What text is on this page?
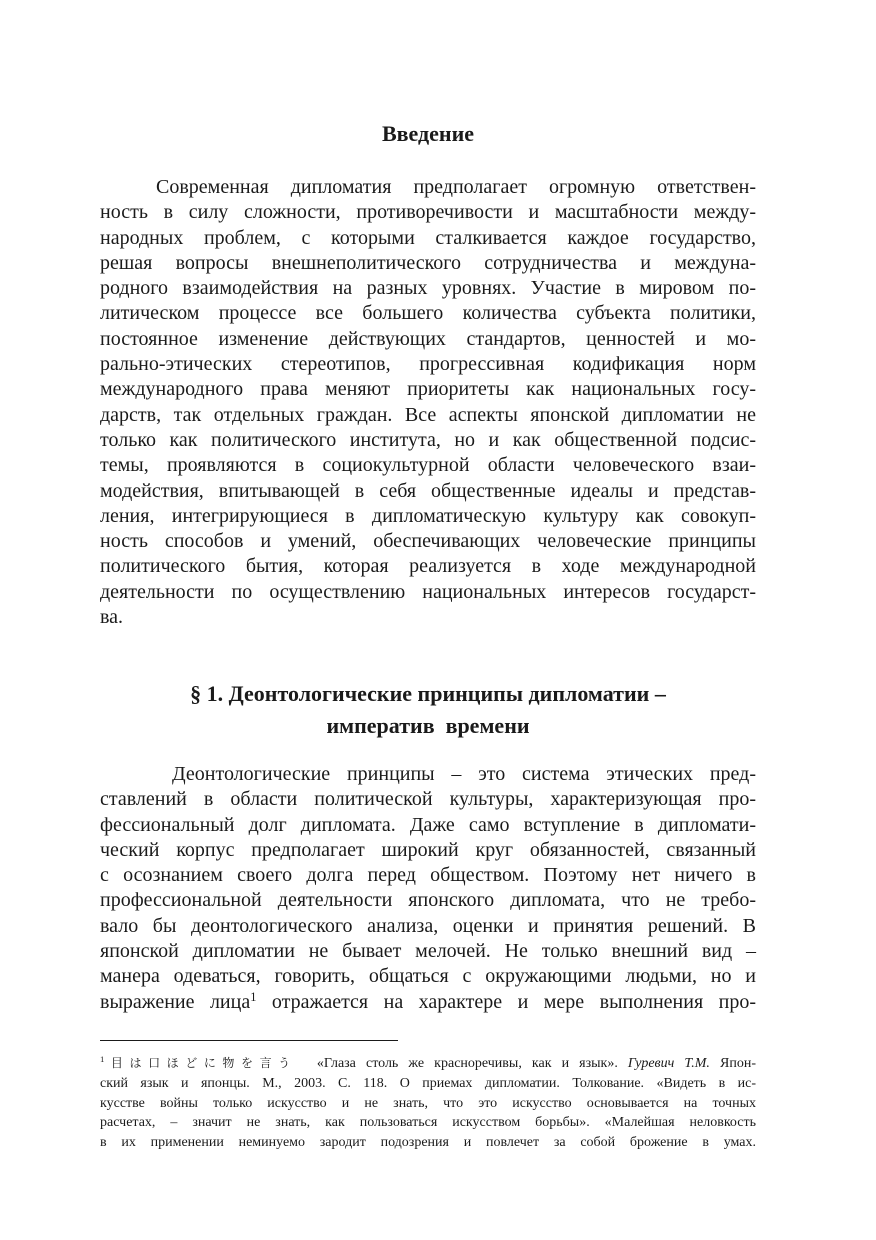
Введение
Современная дипломатия предполагает огромную ответствен-
ность в силу сложности, противоречивости и масштабности между-
народных проблем, с которыми сталкивается каждое государство,
решая вопросы внешнеполитического сотрудничества и междуна-
родного взаимодействия на разных уровнях. Участие в мировом по-
литическом процессе все большего количества субъекта политики,
постоянное изменение действующих стандартов, ценностей и мо-
рально-этических стереотипов, прогрессивная кодификация норм
международного права меняют приоритеты как национальных госу-
дарств, так отдельных граждан. Все аспекты японской дипломатии не
только как политического института, но и как общественной подсис-
темы, проявляются в социокультурной области человеческого взаи-
модействия, впитывающей в себя общественные идеалы и представ-
ления, интегрирующиеся в дипломатическую культуру как совокуп-
ность способов и умений, обеспечивающих человеческие принципы
политического бытия, которая реализуется в ходе международной
деятельности по осуществлению национальных интересов государст-
ва.
§ 1. Деонтологические принципы дипломатии –
императив  времени
Деонтологические принципы – это система этических пред-
ставлений в области политической культуры, характеризующая про-
фессиональный долг дипломата. Даже само вступление в дипломати-
ческий корпус предполагает широкий круг обязанностей, связанный
с осознанием своего долга перед обществом. Поэтому нет ничего в
профессиональной деятельности японского дипломата, что не требо-
вало бы деонтологического анализа, оценки и принятия решений. В
японской дипломатии не бывает мелочей. Не только внешний вид –
манера одеваться, говорить, общаться с окружающими людьми, но и
выражение лица$^1$ отражается на характере и мере выполнения про-
$^1$目は口ほどに物を言う  «Глаза столь же красноречивы, как и язык». Гуревич Т.М. Япон-
ский язык и японцы. М., 2003. С. 118. О приемах дипломатии. Толкование. «Видеть в ис-
кусстве войны только искусство и не знать, что это искусство основывается на точных
расчетах, – значит не знать, как пользоваться искусством борьбы». «Малейшая неловкость
в их применении неминуемо зародит подозрения и повлечет за собой брожение в умах.
